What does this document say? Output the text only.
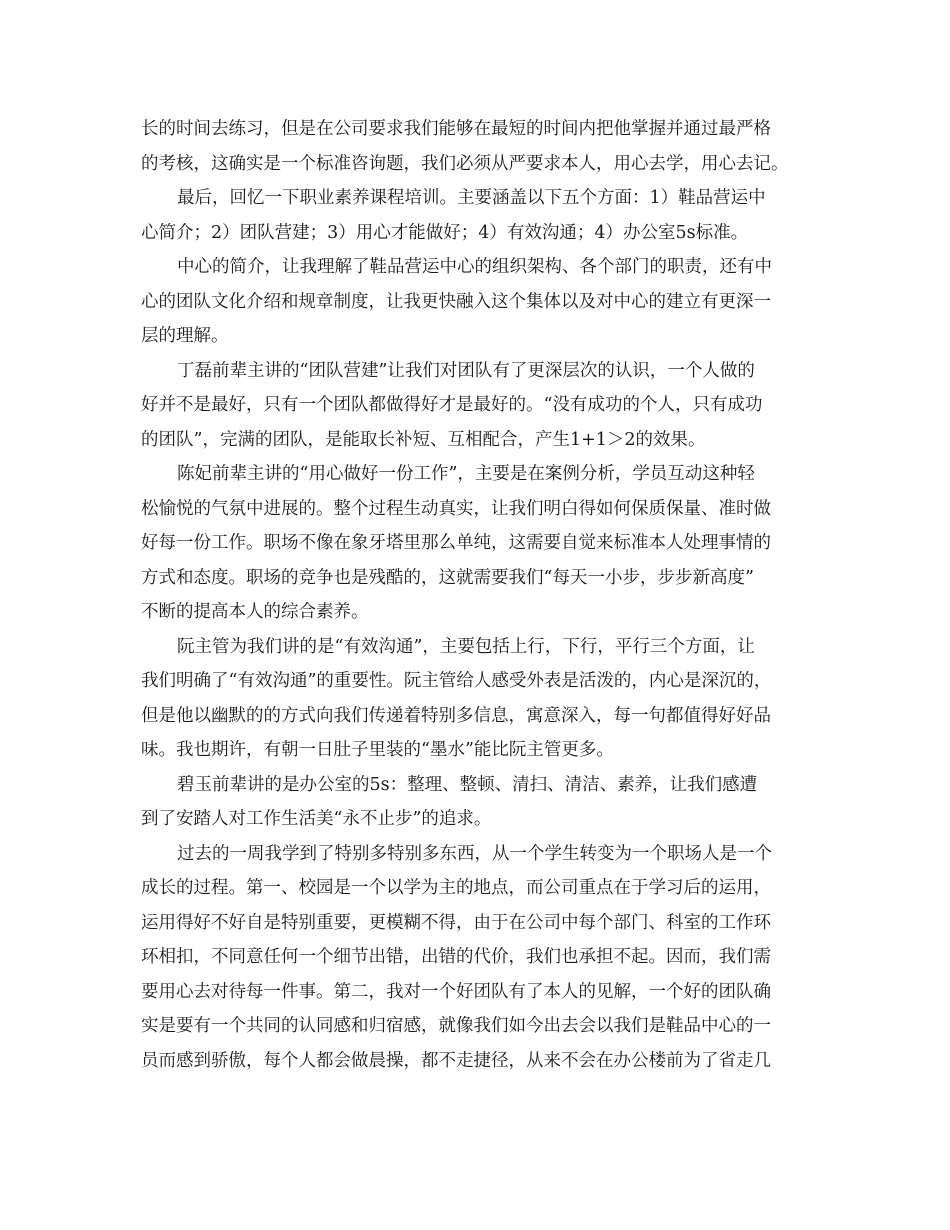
长的时间去练习，但是在公司要求我们能够在最短的时间内把他掌握并通过最严格
的考核，这确实是一个标准咨询题，我们必须从严要求本人，用心去学，用心去记。
最后，回忆一下职业素养课程培训。主要涵盖以下五个方面：1）鞋品营运中
心简介；2）团队营建；3）用心才能做好；4）有效沟通；4）办公室5s标准。
中心的简介，让我理解了鞋品营运中心的组织架构、各个部门的职责，还有中
心的团队文化介绍和规章制度，让我更快融入这个集体以及对中心的建立有更深一
层的理解。
丁磊前辈主讲的“团队营建”让我们对团队有了更深层次的认识，一个人做的
好并不是最好，只有一个团队都做得好才是最好的。“没有成功的个人，只有成功
的团队”，完满的团队，是能取长补短、互相配合，产生1+1＞2的效果。
陈妃前辈主讲的“用心做好一份工作”，主要是在案例分析，学员互动这种轻
松愉悦的气氛中进展的。整个过程生动真实，让我们明白得如何保质保量、准时做
好每一份工作。职场不像在象牙塔里那么单纯，这需要自觉来标准本人处理事情的
方式和态度。职场的竞争也是残酷的，这就需要我们“每天一小步，步步新高度”
不断的提高本人的综合素养。
阮主管为我们讲的是“有效沟通”，主要包括上行，下行，平行三个方面，让
我们明确了“有效沟通”的重要性。阮主管给人感受外表是活泼的，内心是深沉的，
但是他以幽默的的方式向我们传递着特别多信息，寓意深入，每一句都值得好好品
味。我也期许，有朝一日肚子里装的“墨水”能比阮主管更多。
碧玉前辈讲的是办公室的5s：整理、整顿、清扫、清洁、素养，让我们感遭
到了安踏人对工作生活美“永不止步”的追求。
过去的一周我学到了特别多特别多东西，从一个学生转变为一个职场人是一个
成长的过程。第一、校园是一个以学为主的地点，而公司重点在于学习后的运用，
运用得好不好自是特别重要，更模糊不得，由于在公司中每个部门、科室的工作环
环相扣，不同意任何一个细节出错，出错的代价，我们也承担不起。因而，我们需
要用心去对待每一件事。第二，我对一个好团队有了本人的见解，一个好的团队确
实是要有一个共同的认同感和归宿感，就像我们如今出去会以我们是鞋品中心的一
员而感到骄傲，每个人都会做晨操，都不走捷径，从来不会在办公楼前为了省走几
